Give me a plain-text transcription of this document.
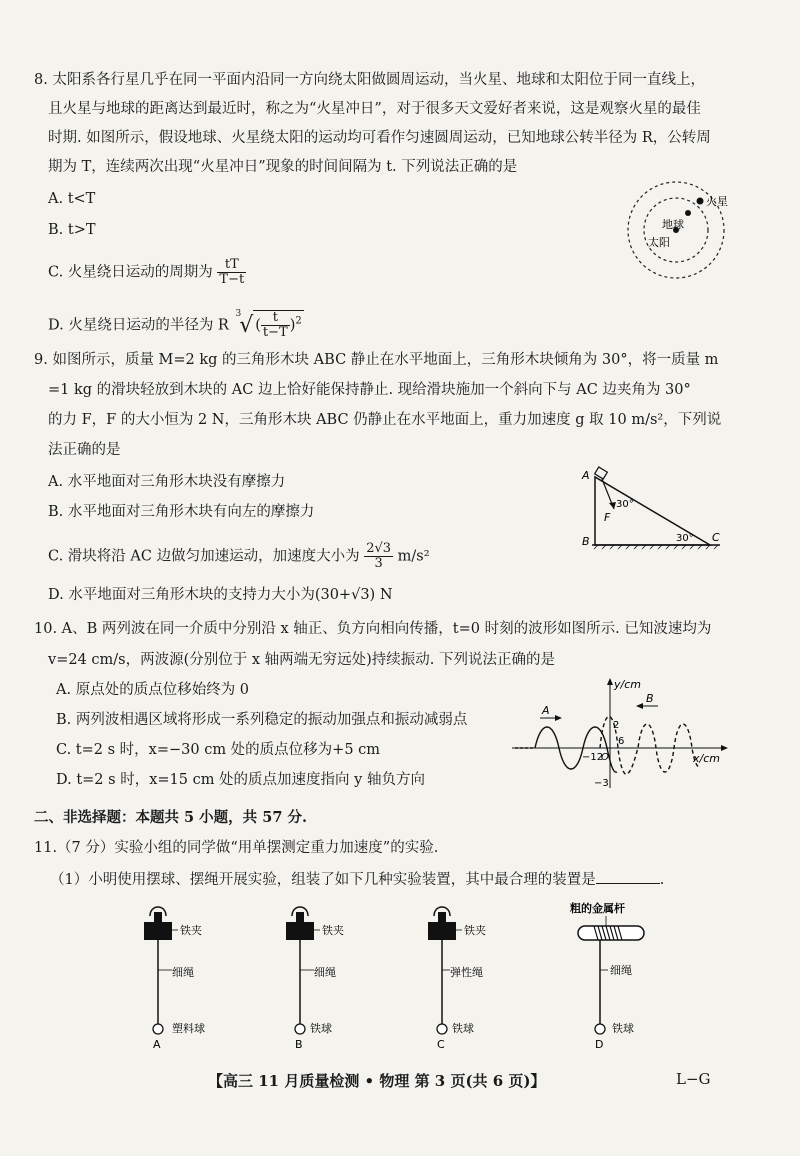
8. 太阳系各行星几乎在同一平面内沿同一方向绕太阳做圆周运动，当火星、地球和太阳位于同一直线上，
且火星与地球的距离达到最近时，称之为“火星冲日”，对于很多天文爱好者来说，这是观察火星的最佳
时期. 如图所示，假设地球、火星绕太阳的运动均可看作匀速圆周运动，已知地球公转半径为 R，公转周
期为 T，连续两次出现“火星冲日”现象的时间间隔为 t. 下列说法正确的是
A. t<T
B. t>T
C. 火星绕日运动的周期为 $\frac{tT}{T-t}$
D. 火星绕日运动的半径为 R $^3$√ ( $\frac{t}{t-T} )^2$
火星
地球
太阳
9. 如图所示，质量 M=2 kg 的三角形木块 ABC 静止在水平地面上，三角形木块倾角为 30°，将一质量 m
=1 kg 的滑块轻放到木块的 AC 边上恰好能保持静止. 现给滑块施加一个斜向下与 AC 边夹角为 30°
的力 F，F 的大小恒为 2 N，三角形木块 ABC 仍静止在水平地面上，重力加速度 g 取 10 m/s²，下列说
法正确的是
A. 水平地面对三角形木块没有摩擦力
B. 水平地面对三角形木块有向左的摩擦力
C. 滑块将沿 AC 边做匀加速运动，加速度大小为 $\frac{2√3}{3} m/s^2$
D. 水平地面对三角形木块的支持力大小为(30+√3) N
A
B	C
F
30°
30°
10. A、B 两列波在同一介质中分别沿 x 轴正、负方向相向传播，t=0 时刻的波形如图所示. 已知波速均为
v=24 cm/s，两波源(分别位于 x 轴两端无穷远处)持续振动. 下列说法正确的是
A. 原点处的质点位移始终为 0
B. 两列波相遇区域将形成一系列稳定的振动加强点和振动减弱点
C. t=2 s 时，x=−30 cm 处的质点位移为+5 cm
D. t=2 s 时，x=15 cm 处的质点加速度指向 y 轴负方向
y/cm
x/cm
A
B
2
−12
O
6
−3
二、非选择题：本题共 5 小题，共 57 分.
11.（7 分）实验小组的同学做“用单摆测定重力加速度”的实验.
（1）小明使用摆球、摆绳开展实验，组装了如下几种实验装置，其中最合理的装置是	.
铁夹
细绳
塑料球
A
铁夹
细绳
铁球
B
铁夹
弹性绳
铁球
C
粗的金属杆
细绳
铁球
D
【高三 11 月质量检测 • 物理 第 3 页(共 6 页)】	L−G
